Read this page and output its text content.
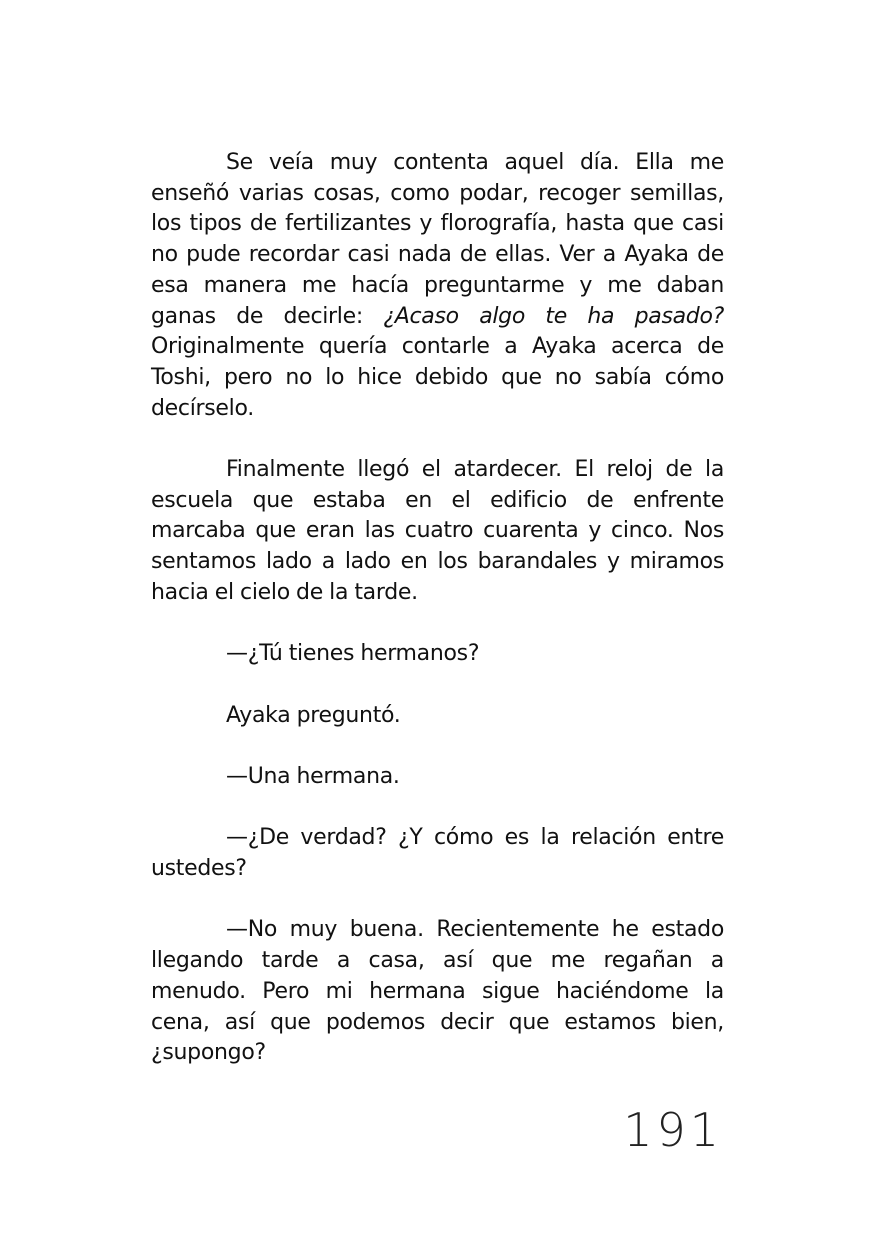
Se veía muy contenta aquel día. Ella me enseñó varias cosas, como podar, recoger semillas, los tipos de fertilizantes y florografía, hasta que casi no pude recordar casi nada de ellas. Ver a Ayaka de esa manera me hacía preguntarme y me daban ganas de decirle: ¿Acaso algo te ha pasado? Originalmente quería contarle a Ayaka acerca de Toshi, pero no lo hice debido que no sabía cómo decírselo.

Finalmente llegó el atardecer. El reloj de la escuela que estaba en el edificio de enfrente marcaba que eran las cuatro cuarenta y cinco. Nos sentamos lado a lado en los barandales y miramos hacia el cielo de la tarde.

—¿Tú tienes hermanos?

Ayaka preguntó.

—Una hermana.

—¿De verdad? ¿Y cómo es la relación entre ustedes?

—No muy buena. Recientemente he estado llegando tarde a casa, así que me regañan a menudo. Pero mi hermana sigue haciéndome la cena, así que podemos decir que estamos bien, ¿supongo?

191
